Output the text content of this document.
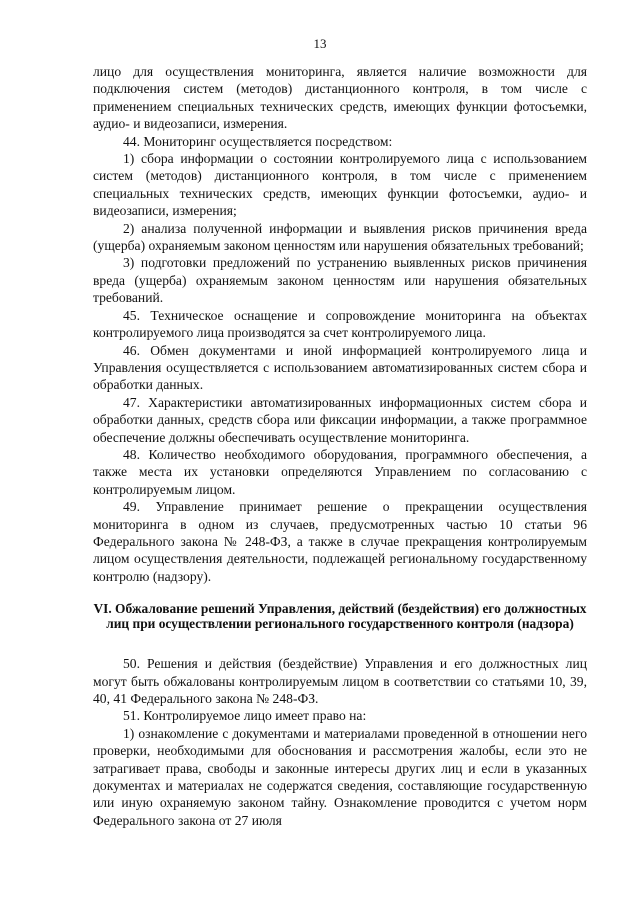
13

лицо для осуществления мониторинга, является наличие возможности для подключения систем (методов) дистанционного контроля, в том числе с применением специальных технических средств, имеющих функции фотосъемки, аудио- и видеозаписи, измерения.

44. Мониторинг осуществляется посредством:

1) сбора информации о состоянии контролируемого лица с использованием систем (методов) дистанционного контроля, в том числе с применением специальных технических средств, имеющих функции фотосъемки, аудио- и видеозаписи, измерения;

2) анализа полученной информации и выявления рисков причинения вреда (ущерба) охраняемым законом ценностям или нарушения обязательных требований;

3) подготовки предложений по устранению выявленных рисков причинения вреда (ущерба) охраняемым законом ценностям или нарушения обязательных требований.

45. Техническое оснащение и сопровождение мониторинга на объектах контролируемого лица производятся за счет контролируемого лица.

46. Обмен документами и иной информацией контролируемого лица и Управления осуществляется с использованием автоматизированных систем сбора и обработки данных.

47. Характеристики автоматизированных информационных систем сбора и обработки данных, средств сбора или фиксации информации, а также программное обеспечение должны обеспечивать осуществление мониторинга.

48. Количество необходимого оборудования, программного обеспечения, а также места их установки определяются Управлением по согласованию с контролируемым лицом.

49. Управление принимает решение о прекращении осуществления мониторинга в одном из случаев, предусмотренных частью 10 статьи 96 Федерального закона № 248-ФЗ, а также в случае прекращения контролируемым лицом осуществления деятельности, подлежащей региональному государственному контролю (надзору).

VI. Обжалование решений Управления, действий (бездействия) его должностных лиц при осуществлении регионального государственного контроля (надзора)

50. Решения и действия (бездействие) Управления и его должностных лиц могут быть обжалованы контролируемым лицом в соответствии со статьями 10, 39, 40, 41 Федерального закона № 248-ФЗ.

51. Контролируемое лицо имеет право на:

1) ознакомление с документами и материалами проведенной в отношении него проверки, необходимыми для обоснования и рассмотрения жалобы, если это не затрагивает права, свободы и законные интересы других лиц и если в указанных документах и материалах не содержатся сведения, составляющие государственную или иную охраняемую законом тайну. Ознакомление проводится с учетом норм Федерального закона от 27 июля
